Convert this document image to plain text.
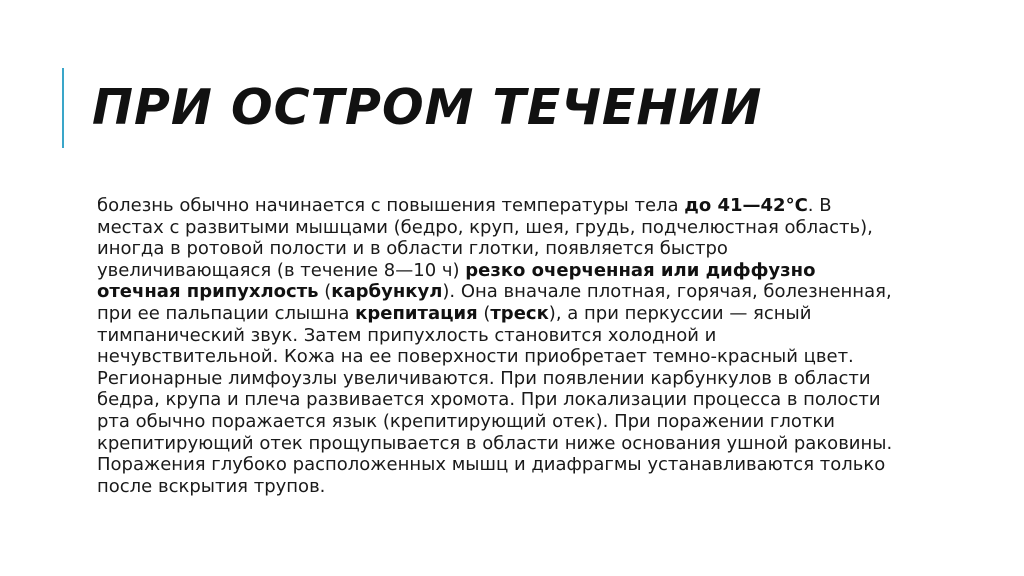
ПРИ ОСТРОМ ТЕЧЕНИИ

болезнь обычно начинается с повышения температуры тела до 41—42°С. В местах с развитыми мышцами (бедро, круп, шея, грудь, подчелюстная область), иногда в ротовой полости и в области глотки, появляется быстро увеличивающаяся (в течение 8—10 ч) резко очерченная или диффузно отечная припухлость (карбункул). Она вначале плотная, горячая, болезненная, при ее пальпации слышна крепитация (треск), а при перкуссии — ясный тимпанический звук. Затем припухлость становится холодной и нечувствительной. Кожа на ее поверхности приобретает темно-красный цвет. Регионарные лимфоузлы увеличиваются. При появлении карбункулов в области бедра, крупа и плеча развивается хромота. При локализации процесса в полости рта обычно поражается язык (крепитирующий отек). При поражении глотки крепитирующий отек прощупывается в области ниже основания ушной раковины. Поражения глубоко расположенных мышц и диафрагмы устанавливаются только после вскрытия трупов.
